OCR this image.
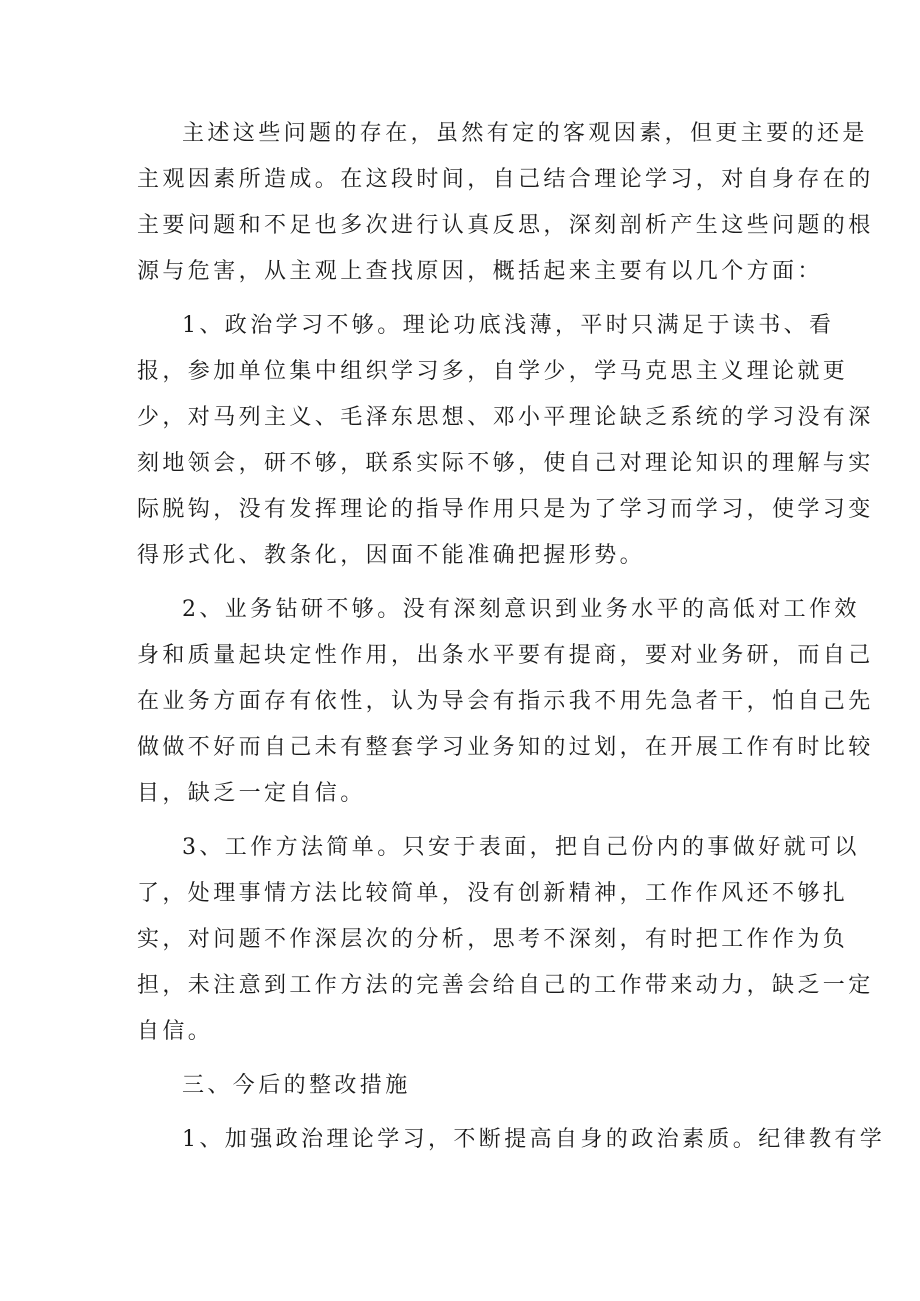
主述这些问题的存在，虽然有定的客观因素，但更主要的还是
主观因素所造成。在这段时间，自己结合理论学习，对自身存在的
主要问题和不足也多次进行认真反思，深刻剖析产生这些问题的根
源与危害，从主观上查找原因，概括起来主要有以几个方面：
1、政治学习不够。理论功底浅薄，平时只满足于读书、看
报，参加单位集中组织学习多，自学少，学马克思主义理论就更
少，对马列主义、毛泽东思想、邓小平理论缺乏系统的学习没有深
刻地领会，研不够，联系实际不够，使自己对理论知识的理解与实
际脱钩，没有发挥理论的指导作用只是为了学习而学习，使学习变
得形式化、教条化，因面不能准确把握形势。
2、业务钻研不够。没有深刻意识到业务水平的高低对工作效
身和质量起块定性作用，出条水平要有提商，要对业务研，而自己
在业务方面存有依性，认为导会有指示我不用先急者干，怕自己先
做做不好而自己未有整套学习业务知的过划，在开展工作有时比较
目，缺乏一定自信。
3、工作方法简单。只安于表面，把自己份内的事做好就可以
了，处理事情方法比较简单，没有创新精神，工作作风还不够扎
实，对问题不作深层次的分析，思考不深刻，有时把工作作为负
担，未注意到工作方法的完善会给自己的工作带来动力，缺乏一定
自信。
三、今后的整改措施
1、加强政治理论学习，不断提高自身的政治素质。纪律教有学
